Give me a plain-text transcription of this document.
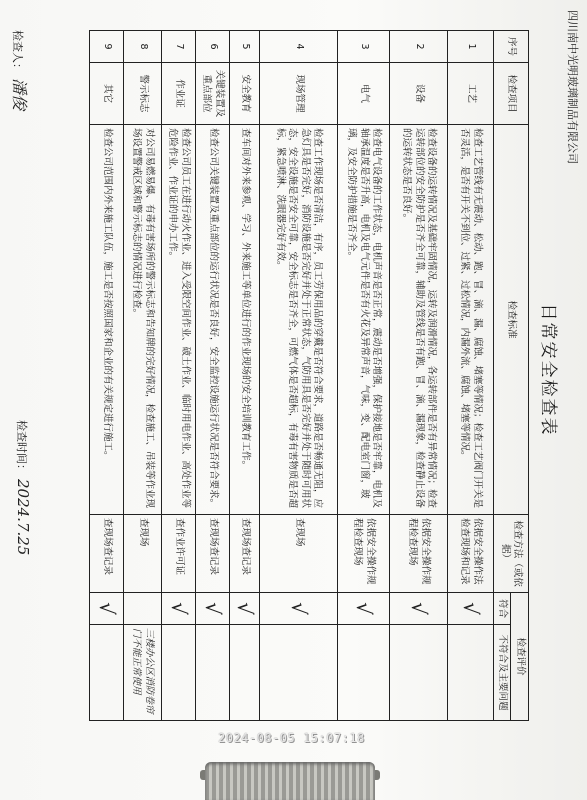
四川南中光明玻璃制品有限公司
日常安全检查表
序号	检查项目	检查标准	检查方法（或依据）	检查评价	
				符合	不符合及主要问题
1	工艺	检查工艺管线有无震动、松动、跑、冒、滴、漏、腐蚀、堵塞等情况；检查工艺阀门开关是否灵活，是否有开关不到位、过紧、过松情况，内漏外流、腐蚀、堵塞等情况。	依据安全操作法检查现场和记录	√	
2	设备	检查设备的运转情况及基础牢固情况，运转及润滑情况，各运转部件是否有异常情况；检查运转部位的安全防护是否齐全可靠，辅助及管线是否有跑、冒、滴、漏现象，检查静止设备的运转状态是否良好。	依据安全操作规程检查现场	√	
3	电气	检查电气设备的工作状态，电机声音是否正常，震动是否增强，保护接地是否牢靠，电机及轴承温度是否升高，电机及电气元件是否有火花及异常声音，气味，变、配电室门窗，玻璃，及安全防护措施是否齐全。	依据安全操作规程检查现场	√	
4	现场管理	检查工作现场是否清洁，有序，员工劳保用品的穿戴是否符合要求，道路是否畅通无阻，应急灯具是否完好，消防设施是否完好并处于正常状态，气防用具是否完好并处于随时可用状态，安全设施是否安全可靠，安全标志是否齐全，可燃气体是否超标，有毒有害物质是否超标，紧急喷淋、洗眼器完好有效。	查现场	√	
5	安全教育	查车间对外来参观、学习、外来施工等单位进行的作业现场的安全培训教育工作。	查现场查记录	√	
6	关键装置及重点部位	检查公司关键装置及重点部位的运行状况是否良好，安全监控设施运行状况是否符合要求。	查现场查记录	√	
7	作业证	检查公司员工在进行动火作业、进入受限空间作业、破土作业、临时用电作业、高处作业等危险作业、作业证的申办工作。	查作业许可证	√	
8	警示标志	对公司易燃易爆、有毒有害场所的警示标志和告知牌的完好情况，检查施工、吊装等作业现场设置警戒区域和警示标志的情况进行检查。	查现场		三楼办公区消防卷帘门不能正常使用
9	其它	检查公司范围内外来施工队伍，施工是否按照国家和企业的有关规定进行施工。	查现场查记录	√	
检查人：潘俊
检查时间：2024.7.25
2024-08-05 15:07:18
